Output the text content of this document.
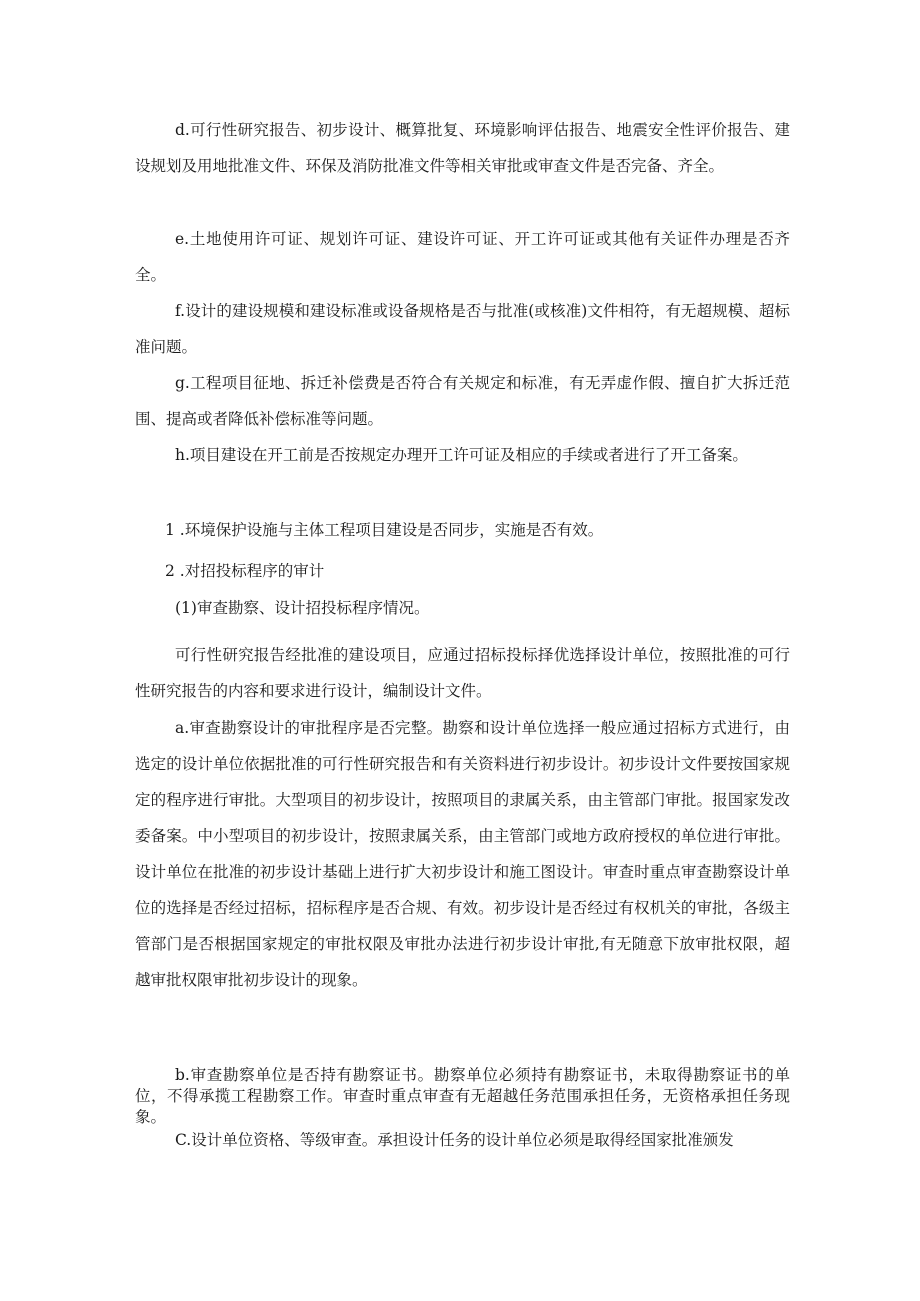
d.可行性研究报告、初步设计、概算批复、环境影响评估报告、地震安全性评价报告、建设规划及用地批准文件、环保及消防批准文件等相关审批或审查文件是否完备、齐全。

e.土地使用许可证、规划许可证、建设许可证、开工许可证或其他有关证件办理是否齐全。

f.设计的建设规模和建设标准或设备规格是否与批准(或核准)文件相符，有无超规模、超标准问题。

g.工程项目征地、拆迁补偿费是否符合有关规定和标准，有无弄虚作假、擅自扩大拆迁范围、提高或者降低补偿标准等问题。

h.项目建设在开工前是否按规定办理开工许可证及相应的手续或者进行了开工备案。

1 .环境保护设施与主体工程项目建设是否同步，实施是否有效。

2 .对招投标程序的审计

(1)审查勘察、设计招投标程序情况。

可行性研究报告经批准的建设项目，应通过招标投标择优选择设计单位，按照批准的可行性研究报告的内容和要求进行设计，编制设计文件。

a.审查勘察设计的审批程序是否完整。勘察和设计单位选择一般应通过招标方式进行，由选定的设计单位依据批准的可行性研究报告和有关资料进行初步设计。初步设计文件要按国家规定的程序进行审批。大型项目的初步设计，按照项目的隶属关系，由主管部门审批。报国家发改委备案。中小型项目的初步设计，按照隶属关系，由主管部门或地方政府授权的单位进行审批。设计单位在批准的初步设计基础上进行扩大初步设计和施工图设计。审查时重点审查勘察设计单位的选择是否经过招标，招标程序是否合规、有效。初步设计是否经过有权机关的审批，各级主管部门是否根据国家规定的审批权限及审批办法进行初步设计审批,有无随意下放审批权限，超越审批权限审批初步设计的现象。

b.审查勘察单位是否持有勘察证书。勘察单位必须持有勘察证书，未取得勘察证书的单位，不得承揽工程勘察工作。审查时重点审查有无超越任务范围承担任务，无资格承担任务现象。

C.设计单位资格、等级审查。承担设计任务的设计单位必须是取得经国家批准颁发
